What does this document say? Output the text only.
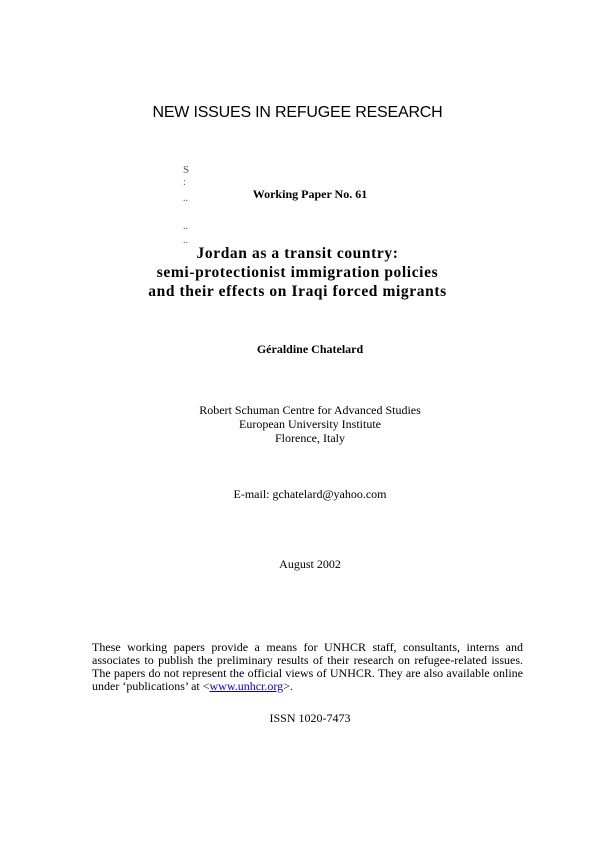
NEW ISSUES IN REFUGEE RESEARCH
S
:
..
..
..
Working Paper No. 61
Jordan as a transit country:
semi-protectionist immigration policies
and their effects on Iraqi forced migrants
Géraldine Chatelard
Robert Schuman Centre for Advanced Studies
European University Institute
Florence, Italy
E-mail: gchatelard@yahoo.com
August 2002
These working papers provide a means for UNHCR staff, consultants, interns and associates to publish the preliminary results of their research on refugee-related issues. The papers do not represent the official views of UNHCR. They are also available online under ‘publications’ at <www.unhcr.org>.
ISSN 1020-7473
